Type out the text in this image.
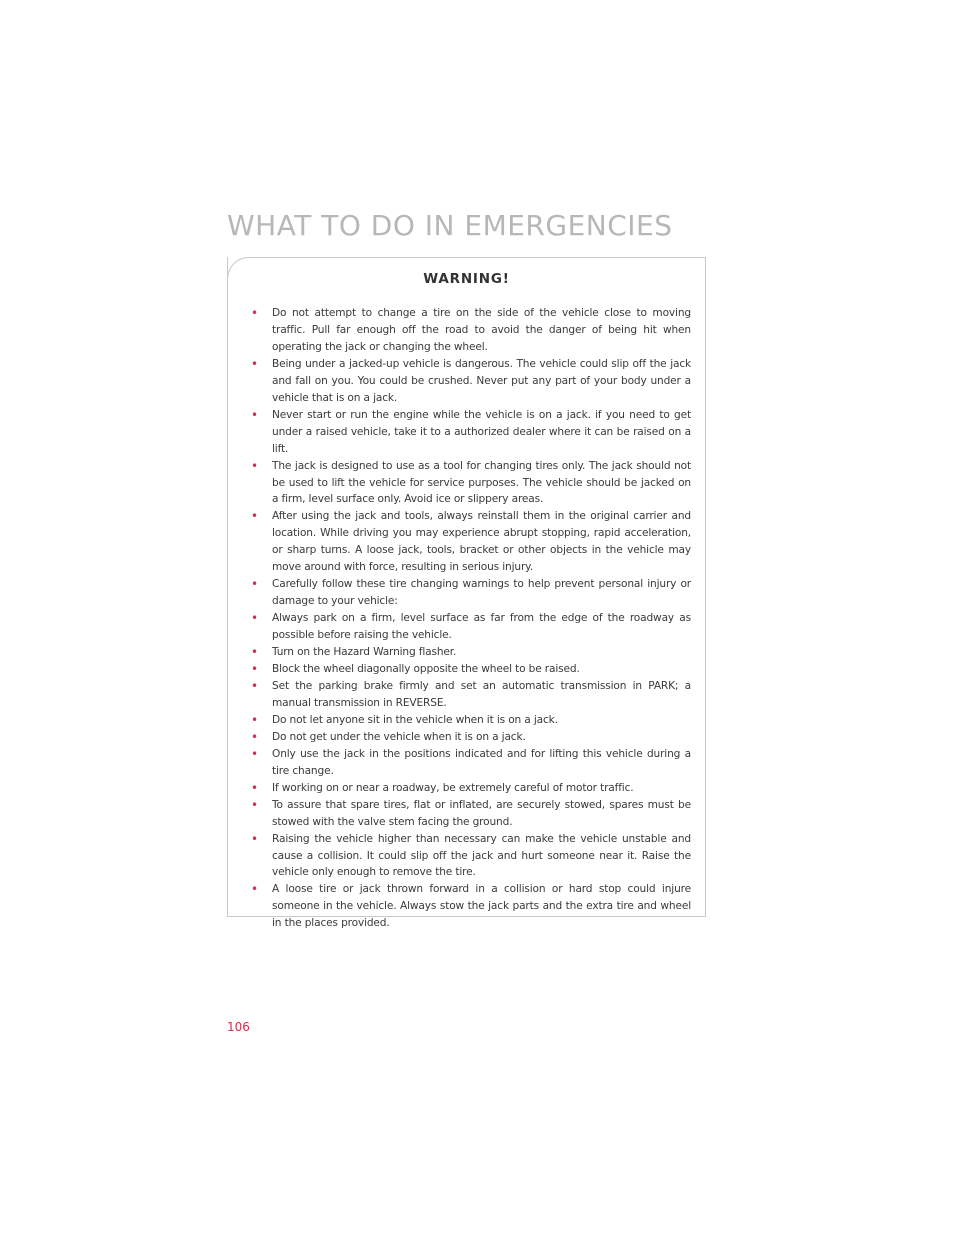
WHAT TO DO IN EMERGENCIES
WARNING!
•	Do not attempt to change a tire on the side of the vehicle close to moving traffic. Pull far enough off the road to avoid the danger of being hit when operating the jack or changing the wheel.
•	Being under a jacked-up vehicle is dangerous. The vehicle could slip off the jack and fall on you. You could be crushed. Never put any part of your body under a vehicle that is on a jack.
•	Never start or run the engine while the vehicle is on a jack. if you need to get under a raised vehicle, take it to a authorized dealer where it can be raised on a lift.
•	The jack is designed to use as a tool for changing tires only. The jack should not be used to lift the vehicle for service purposes. The vehicle should be jacked on a firm, level surface only. Avoid ice or slippery areas.
•	After using the jack and tools, always reinstall them in the original carrier and location. While driving you may experience abrupt stopping, rapid acceleration, or sharp turns. A loose jack, tools, bracket or other objects in the vehicle may move around with force, resulting in serious injury.
•	Carefully follow these tire changing warnings to help prevent personal injury or damage to your vehicle:
•	Always park on a firm, level surface as far from the edge of the roadway as possible before raising the vehicle.
•	Turn on the Hazard Warning flasher.
•	Block the wheel diagonally opposite the wheel to be raised.
•	Set the parking brake firmly and set an automatic transmission in PARK; a manual transmission in REVERSE.
•	Do not let anyone sit in the vehicle when it is on a jack.
•	Do not get under the vehicle when it is on a jack.
•	Only use the jack in the positions indicated and for lifting this vehicle during a tire change.
•	If working on or near a roadway, be extremely careful of motor traffic.
•	To assure that spare tires, flat or inflated, are securely stowed, spares must be stowed with the valve stem facing the ground.
•	Raising the vehicle higher than necessary can make the vehicle unstable and cause a collision. It could slip off the jack and hurt someone near it. Raise the vehicle only enough to remove the tire.
•	A loose tire or jack thrown forward in a collision or hard stop could injure someone in the vehicle. Always stow the jack parts and the extra tire and wheel in the places provided.

106
